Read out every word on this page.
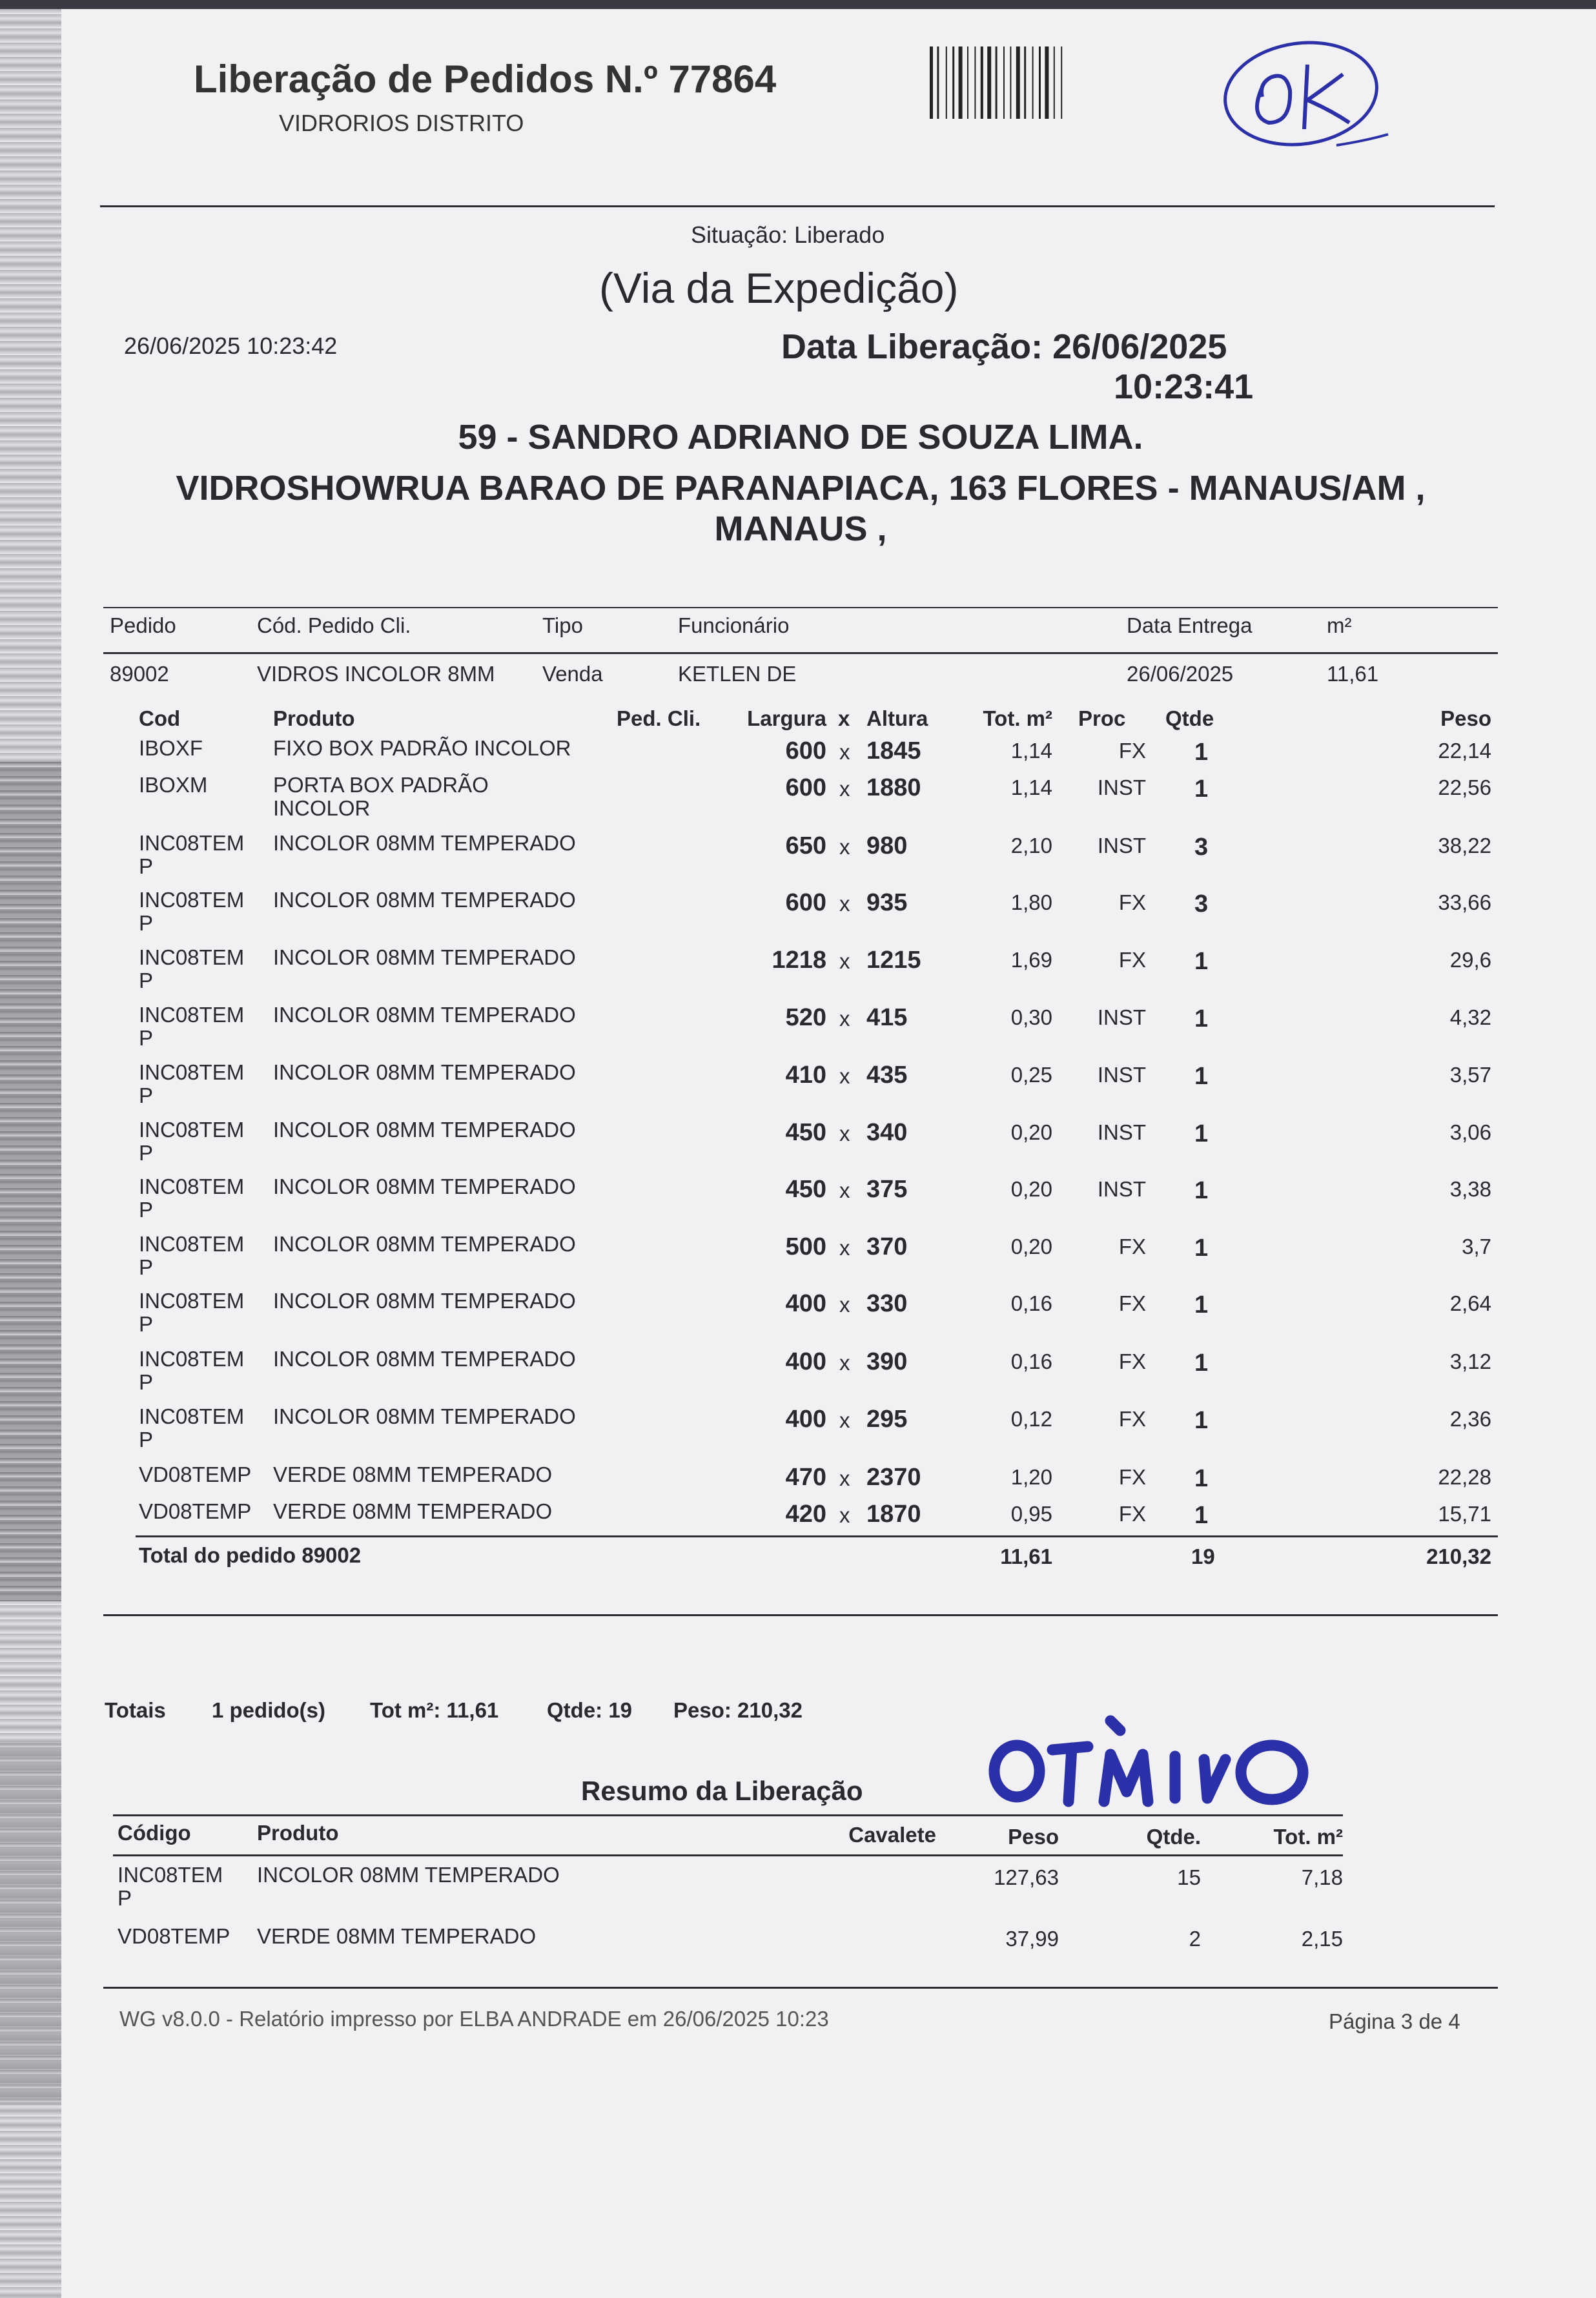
Liberação de Pedidos N.º 77864
VIDRORIOS DISTRITO
Situação: Liberado
(Via da Expedição)
26/06/2025 10:23:42	Data Liberação: 26/06/2025
10:23:41
59 - SANDRO ADRIANO DE SOUZA LIMA.
VIDROSHOWRUA BARAO DE PARANAPIACA, 163 FLORES - MANAUS/AM ,
MANAUS ,
Pedido	Cód. Pedido Cli.	Tipo	Funcionário	Data Entrega	m²
89002	VIDROS INCOLOR 8MM Venda	KETLEN DE	26/06/2025	11,61
Cod	Produto	Ped. Cli.	Largura x Altura	Tot. m² Proc Qtde	Peso
IBOXF	FIXO BOX PADRÃO INCOLOR	600 x 1845	1,14	FX 1	22,14
IBOXM	PORTA BOX PADRÃO	600 x 1880	1,14	INST 1	22,56
INCOLOR
INC08TEM INCOLOR 08MM TEMPERADO	650 x 980	2,10	INST 3	38,22
P
INC08TEM INCOLOR 08MM TEMPERADO	600 x 935	1,80	FX 3	33,66
P
INC08TEM INCOLOR 08MM TEMPERADO	1218 x 1215	1,69	FX 1	29,6
P
INC08TEM INCOLOR 08MM TEMPERADO	520 x 415	0,30	INST 1	4,32
P
INC08TEM INCOLOR 08MM TEMPERADO	410 x 435	0,25	INST 1	3,57
P
INC08TEM INCOLOR 08MM TEMPERADO	450 x 340	0,20	INST 1	3,06
P
INC08TEM INCOLOR 08MM TEMPERADO	450 x 375	0,20	INST 1	3,38
P
INC08TEM INCOLOR 08MM TEMPERADO	500 x 370	0,20	FX 1	3,7
P
INC08TEM INCOLOR 08MM TEMPERADO	400 x 330	0,16	FX 1	2,64
P
INC08TEM INCOLOR 08MM TEMPERADO	400 x 390	0,16	FX 1	3,12
P
INC08TEM INCOLOR 08MM TEMPERADO	400 x 295	0,12	FX 1	2,36
P
VD08TEMP VERDE 08MM TEMPERADO	470 x 2370	1,20	FX 1	22,28
VD08TEMP VERDE 08MM TEMPERADO	420 x 1870	0,95	FX 1	15,71
Total do pedido 89002	11,61	19	210,32
Totais 1 pedido(s) Tot m²: 11,61 Qtde: 19 Peso: 210,32
Resumo da Liberação
Código	Produto	Cavalete	Peso	Qtde.	Tot. m²
INC08TEM INCOLOR 08MM TEMPERADO	127,63	15	7,18
P
VD08TEMP VERDE 08MM TEMPERADO	37,99	2	2,15
WG v8.0.0 - Relatório impresso por ELBA ANDRADE em 26/06/2025 10:23	Página 3 de 4
